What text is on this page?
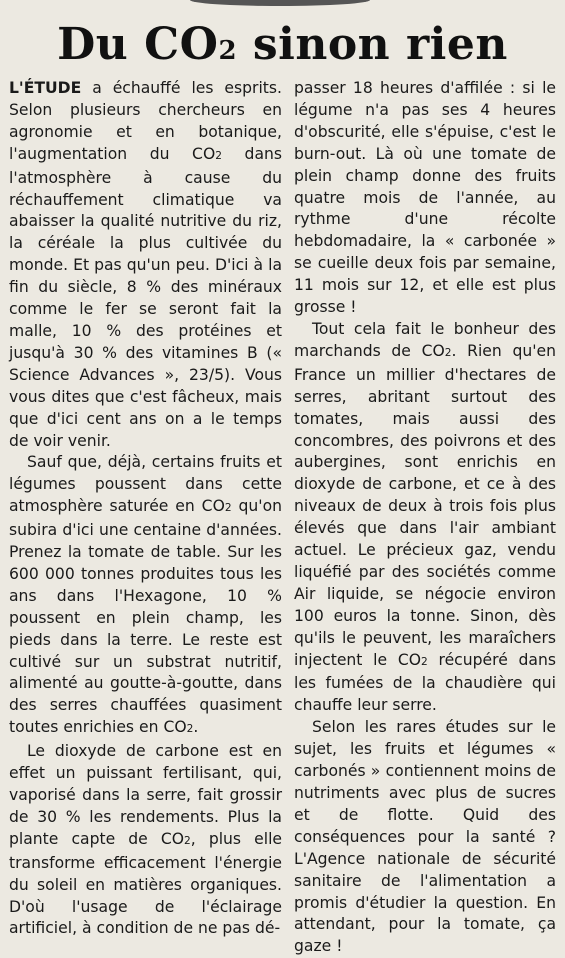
Du CO2 sinon rien

L'ÉTUDE a échauffé les esprits. Selon plusieurs chercheurs en agronomie et en botanique, l'augmentation du CO2 dans l'atmosphère à cause du réchauffement climatique va abaisser la qualité nutritive du riz, la céréale la plus cultivée du monde. Et pas qu'un peu. D'ici à la fin du siècle, 8 % des minéraux comme le fer se seront fait la malle, 10 % des protéines et jusqu'à 30 % des vitamines B (« Science Advances », 23/5). Vous vous dites que c'est fâcheux, mais que d'ici cent ans on a le temps de voir venir.

Sauf que, déjà, certains fruits et légumes poussent dans cette atmosphère saturée en CO2 qu'on subira d'ici une centaine d'années. Prenez la tomate de table. Sur les 600 000 tonnes produites tous les ans dans l'Hexagone, 10 % poussent en plein champ, les pieds dans la terre. Le reste est cultivé sur un substrat nutritif, alimenté au goutte-à-goutte, dans des serres chauffées quasiment toutes enrichies en CO2.

Le dioxyde de carbone est en effet un puissant fertilisant, qui, vaporisé dans la serre, fait grossir de 30 % les rendements. Plus la plante capte de CO2, plus elle transforme efficacement l'énergie du soleil en matières organiques. D'où l'usage de l'éclairage artificiel, à condition de ne pas dé-

passer 18 heures d'affilée : si le légume n'a pas ses 4 heures d'obscurité, elle s'épuise, c'est le burn-out. Là où une tomate de plein champ donne des fruits quatre mois de l'année, au rythme d'une récolte hebdomadaire, la « carbonée » se cueille deux fois par semaine, 11 mois sur 12, et elle est plus grosse !

Tout cela fait le bonheur des marchands de CO2. Rien qu'en France un millier d'hectares de serres, abritant surtout des tomates, mais aussi des concombres, des poivrons et des aubergines, sont enrichis en dioxyde de carbone, et ce à des niveaux de deux à trois fois plus élevés que dans l'air ambiant actuel. Le précieux gaz, vendu liquéfié par des sociétés comme Air liquide, se négocie environ 100 euros la tonne. Sinon, dès qu'ils le peuvent, les maraîchers injectent le CO2 récupéré dans les fumées de la chaudière qui chauffe leur serre.

Selon les rares études sur le sujet, les fruits et légumes « carbonés » contiennent moins de nutriments avec plus de sucres et de flotte. Quid des conséquences pour la santé ? L'Agence nationale de sécurité sanitaire de l'alimentation a promis d'étudier la question. En attendant, pour la tomate, ça gaze !
